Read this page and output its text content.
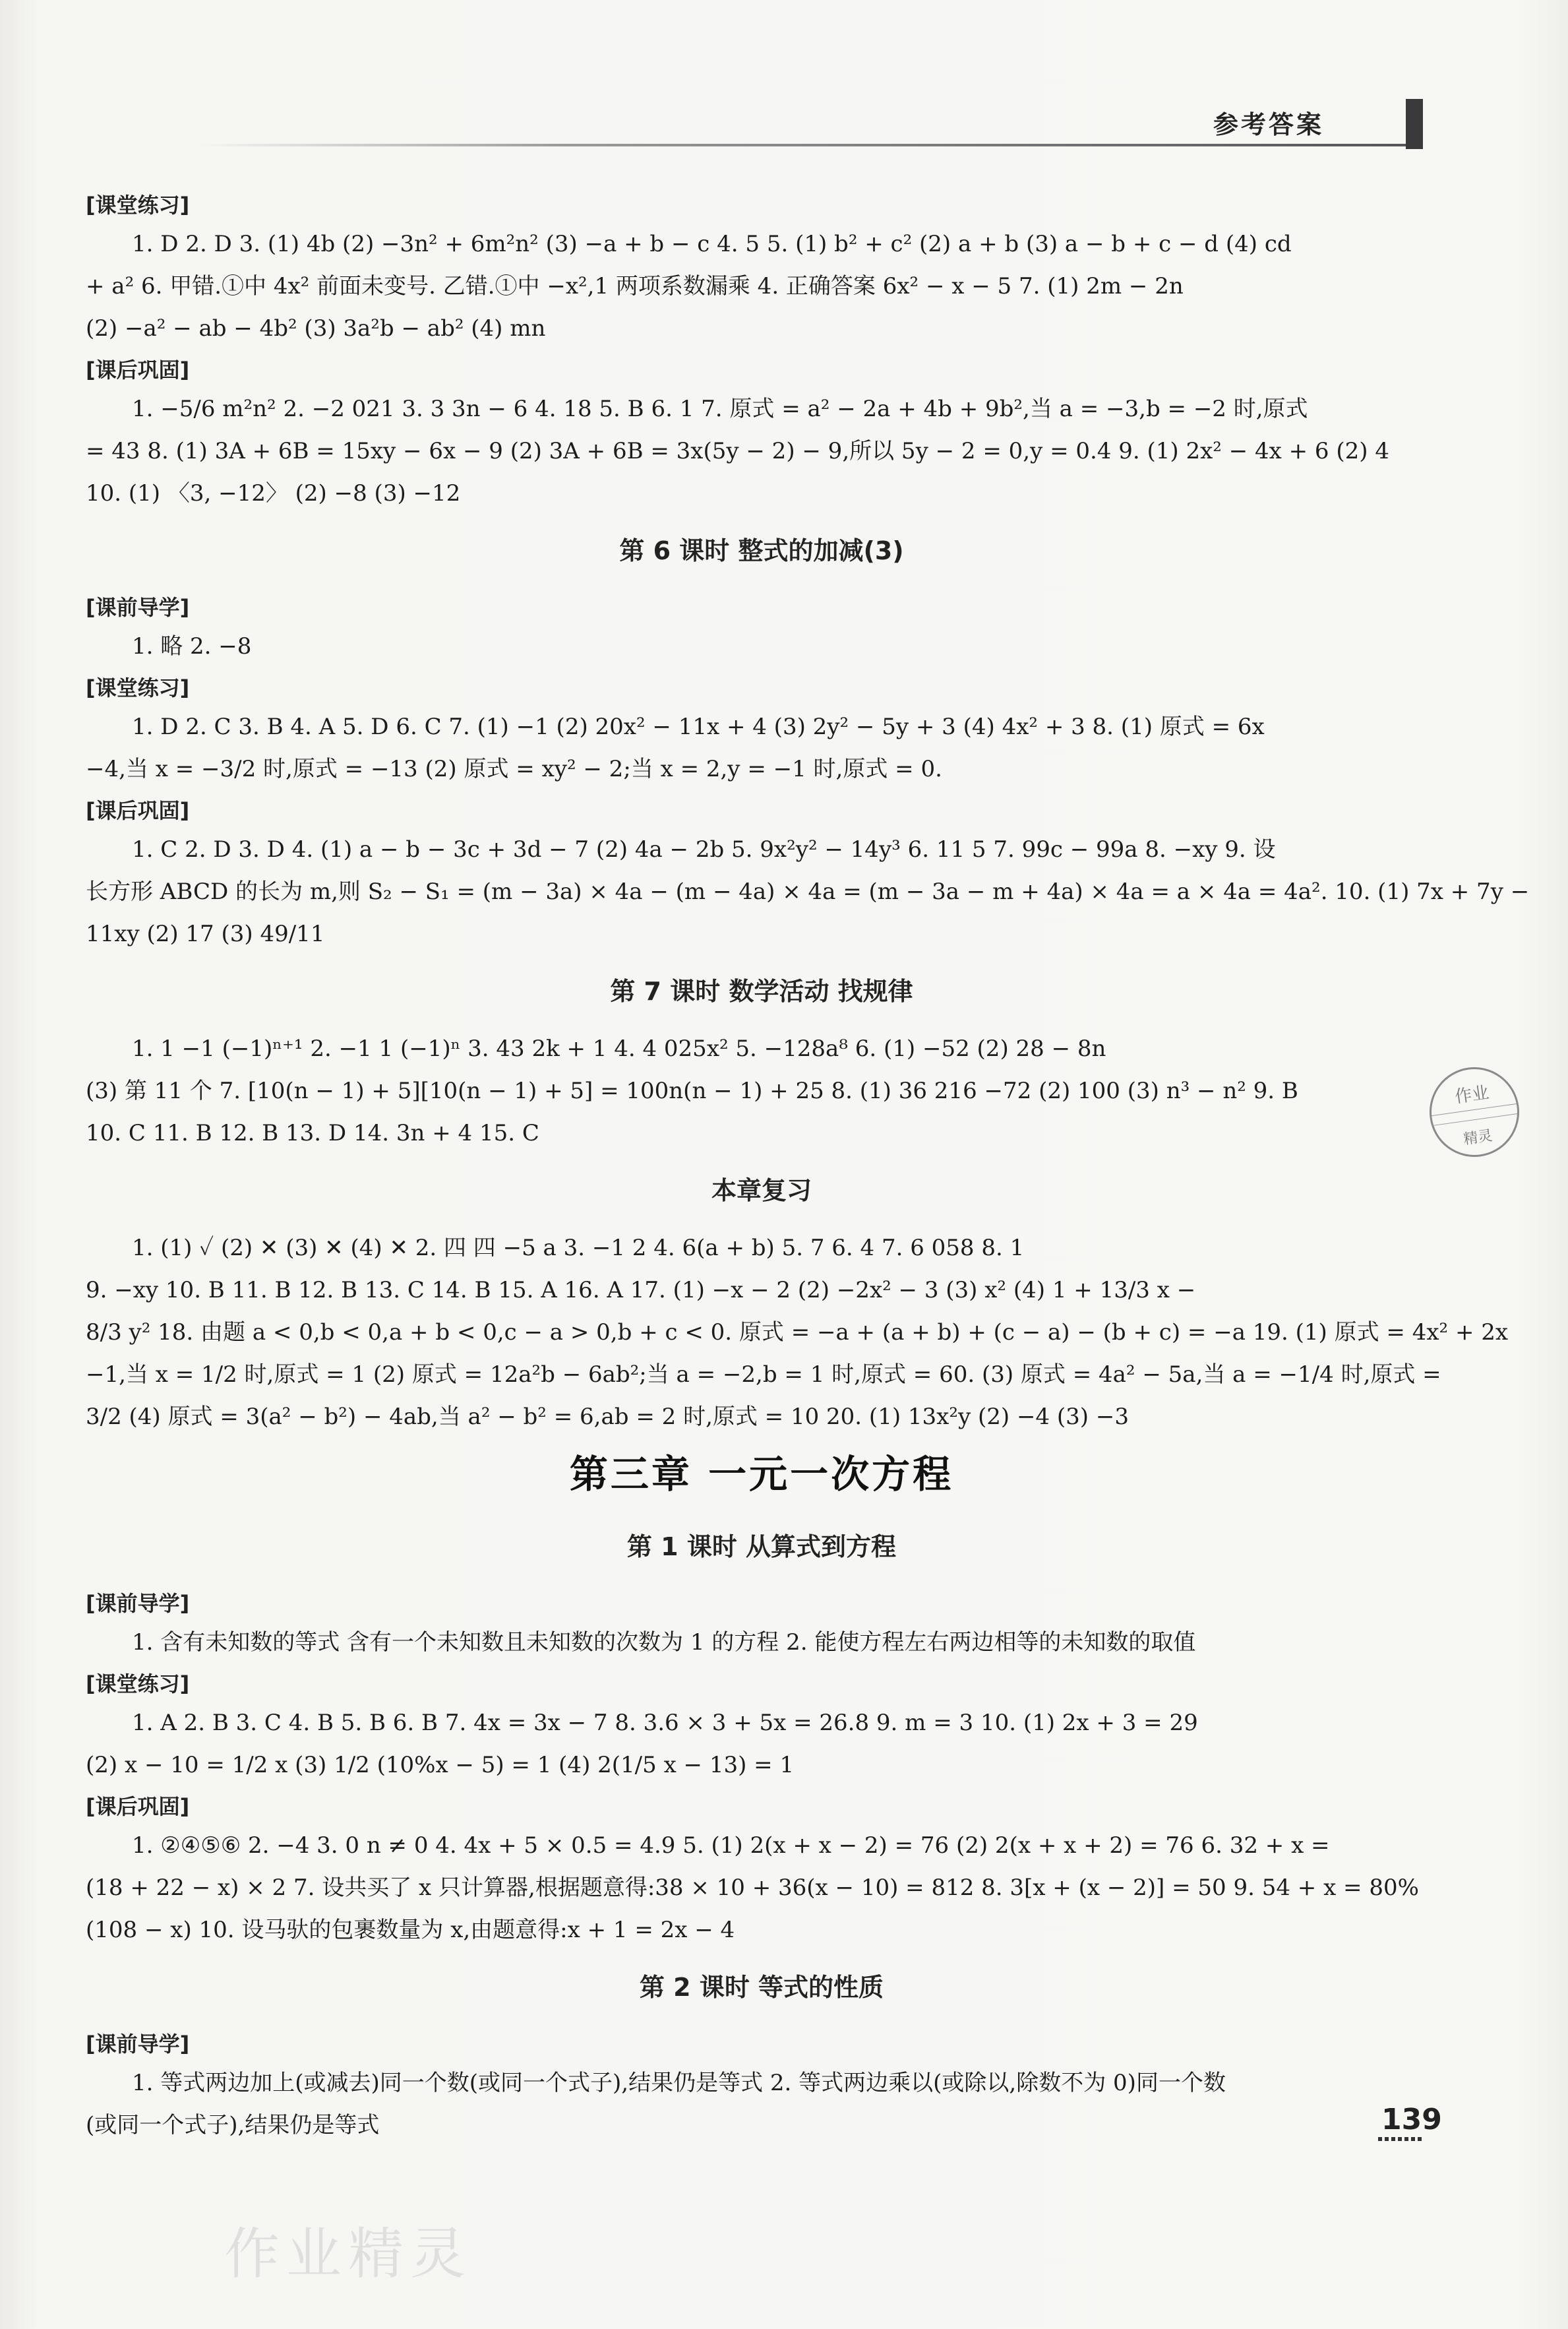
参考答案
[课堂练习]
1. D 2. D 3. (1) 4b (2) −3n² + 6m²n² (3) −a + b − c 4. 5 5. (1) b² + c² (2) a + b (3) a − b + c − d (4) cd
+ a² 6. 甲错.①中 4x² 前面未变号. 乙错.①中 −x²,1 两项系数漏乘 4. 正确答案 6x² − x − 5 7. (1) 2m − 2n
(2) −a² − ab − 4b² (3) 3a²b − ab² (4) mn
[课后巩固]
1. −5/6 m²n² 2. −2 021 3. 3 3n − 6 4. 18 5. B 6. 1 7. 原式 = a² − 2a + 4b + 9b²,当 a = −3,b = −2 时,原式
= 43 8. (1) 3A + 6B = 15xy − 6x − 9 (2) 3A + 6B = 3x(5y − 2) − 9,所以 5y − 2 = 0,y = 0.4 9. (1) 2x² − 4x + 6 (2) 4
10. (1) 〈3, −12〉 (2) −8 (3) −12
第 6 课时 整式的加减(3)
[课前导学]
1. 略 2. −8
[课堂练习]
1. D 2. C 3. B 4. A 5. D 6. C 7. (1) −1 (2) 20x² − 11x + 4 (3) 2y² − 5y + 3 (4) 4x² + 3 8. (1) 原式 = 6x
−4,当 x = −3/2 时,原式 = −13 (2) 原式 = xy² − 2;当 x = 2,y = −1 时,原式 = 0.
[课后巩固]
1. C 2. D 3. D 4. (1) a − b − 3c + 3d − 7 (2) 4a − 2b 5. 9x²y² − 14y³ 6. 11 5 7. 99c − 99a 8. −xy 9. 设
长方形 ABCD 的长为 m,则 S₂ − S₁ = (m − 3a) × 4a − (m − 4a) × 4a = (m − 3a − m + 4a) × 4a = a × 4a = 4a². 10. (1) 7x + 7y −
11xy (2) 17 (3) 49/11
第 7 课时 数学活动 找规律
1. 1 −1 (−1)ⁿ⁺¹ 2. −1 1 (−1)ⁿ 3. 43 2k + 1 4. 4 025x² 5. −128a⁸ 6. (1) −52 (2) 28 − 8n
(3) 第 11 个 7. [10(n − 1) + 5][10(n − 1) + 5] = 100n(n − 1) + 25 8. (1) 36 216 −72 (2) 100 (3) n³ − n² 9. B
10. C 11. B 12. B 13. D 14. 3n + 4 15. C
本章复习
1. (1) ✓ (2) ✕ (3) ✕ (4) ✕ 2. 四 四 −5 a 3. −1 2 4. 6(a + b) 5. 7 6. 4 7. 6 058 8. 1
9. −xy 10. B 11. B 12. B 13. C 14. B 15. A 16. A 17. (1) −x − 2 (2) −2x² − 3 (3) x² (4) 1 + 13/3 x −
8/3 y² 18. 由题 a < 0,b < 0,a + b < 0,c − a > 0,b + c < 0. 原式 = −a + (a + b) + (c − a) − (b + c) = −a 19. (1) 原式 = 4x² + 2x
−1,当 x = 1/2 时,原式 = 1 (2) 原式 = 12a²b − 6ab²;当 a = −2,b = 1 时,原式 = 60. (3) 原式 = 4a² − 5a,当 a = −1/4 时,原式 =
3/2 (4) 原式 = 3(a² − b²) − 4ab,当 a² − b² = 6,ab = 2 时,原式 = 10 20. (1) 13x²y (2) −4 (3) −3
第三章 一元一次方程
第 1 课时 从算式到方程
[课前导学]
1. 含有未知数的等式 含有一个未知数且未知数的次数为 1 的方程 2. 能使方程左右两边相等的未知数的取值
[课堂练习]
1. A 2. B 3. C 4. B 5. B 6. B 7. 4x = 3x − 7 8. 3.6 × 3 + 5x = 26.8 9. m = 3 10. (1) 2x + 3 = 29
(2) x − 10 = 1/2 x (3) 1/2 (10%x − 5) = 1 (4) 2(1/5 x − 13) = 1
[课后巩固]
1. ②④⑤⑥ 2. −4 3. 0 n ≠ 0 4. 4x + 5 × 0.5 = 4.9 5. (1) 2(x + x − 2) = 76 (2) 2(x + x + 2) = 76 6. 32 + x =
(18 + 22 − x) × 2 7. 设共买了 x 只计算器,根据题意得:38 × 10 + 36(x − 10) = 812 8. 3[x + (x − 2)] = 50 9. 54 + x = 80%
(108 − x) 10. 设马驮的包裹数量为 x,由题意得:x + 1 = 2x − 4
第 2 课时 等式的性质
[课前导学]
1. 等式两边加上(或减去)同一个数(或同一个式子),结果仍是等式 2. 等式两边乘以(或除以,除数不为 0)同一个数
(或同一个式子),结果仍是等式
作业

精灵
139
作业精灵
